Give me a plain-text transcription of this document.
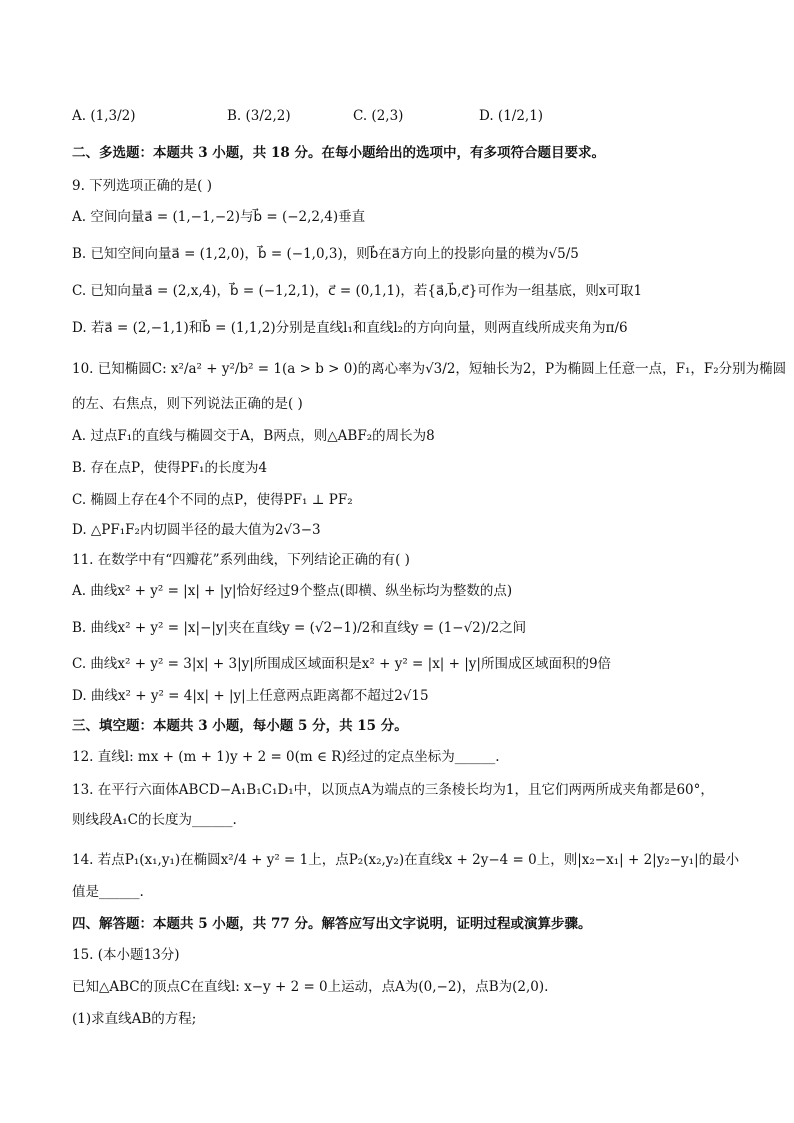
A. (1,3/2)	B. (3/2,2)	C. (2,3)	D. (1/2,1)
二、多选题：本题共 3 小题，共 18 分。在每小题给出的选项中，有多项符合题目要求。
9. 下列选项正确的是( )
A. 空间向量a⃗ = (1,−1,−2)与b⃗ = (−2,2,4)垂直
B. 已知空间向量a⃗ = (1,2,0)，b⃗ = (−1,0,3)，则b⃗在a⃗方向上的投影向量的模为√5/5
C. 已知向量a⃗ = (2,x,4)，b⃗ = (−1,2,1)，c⃗ = (0,1,1)，若{a⃗,b⃗,c⃗}可作为一组基底，则x可取1
D. 若a⃗ = (2,−1,1)和b⃗ = (1,1,2)分别是直线l₁和直线l₂的方向向量，则两直线所成夹角为π/6
10. 已知椭圆C: x²/a² + y²/b² = 1(a > b > 0)的离心率为√3/2，短轴长为2，P为椭圆上任意一点，F₁，F₂分别为椭圆
的左、右焦点，则下列说法正确的是( )
A. 过点F₁的直线与椭圆交于A，B两点，则△ABF₂的周长为8
B. 存在点P，使得PF₁的长度为4
C. 椭圆上存在4个不同的点P，使得PF₁ ⊥ PF₂
D. △PF₁F₂内切圆半径的最大值为2√3−3
11. 在数学中有“四瓣花”系列曲线，下列结论正确的有( )
A. 曲线x² + y² = |x| + |y|恰好经过9个整点(即横、纵坐标均为整数的点)
B. 曲线x² + y² = |x|−|y|夹在直线y = (√2−1)/2和直线y = (1−√2)/2之间
C. 曲线x² + y² = 3|x| + 3|y|所围成区域面积是x² + y² = |x| + |y|所围成区域面积的9倍
D. 曲线x² + y² = 4|x| + |y|上任意两点距离都不超过2√15
三、填空题：本题共 3 小题，每小题 5 分，共 15 分。
12. 直线l: mx + (m + 1)y + 2 = 0(m ∈ R)经过的定点坐标为______.
13. 在平行六面体ABCD−A₁B₁C₁D₁中，以顶点A为端点的三条棱长均为1，且它们两两所成夹角都是60°，
则线段A₁C的长度为______.
14. 若点P₁(x₁,y₁)在椭圆x²/4 + y² = 1上，点P₂(x₂,y₂)在直线x + 2y−4 = 0上，则|x₂−x₁| + 2|y₂−y₁|的最小
值是______.
四、解答题：本题共 5 小题，共 77 分。解答应写出文字说明，证明过程或演算步骤。
15. (本小题13分)
已知△ABC的顶点C在直线l: x−y + 2 = 0上运动，点A为(0,−2)，点B为(2,0).
(1)求直线AB的方程;
